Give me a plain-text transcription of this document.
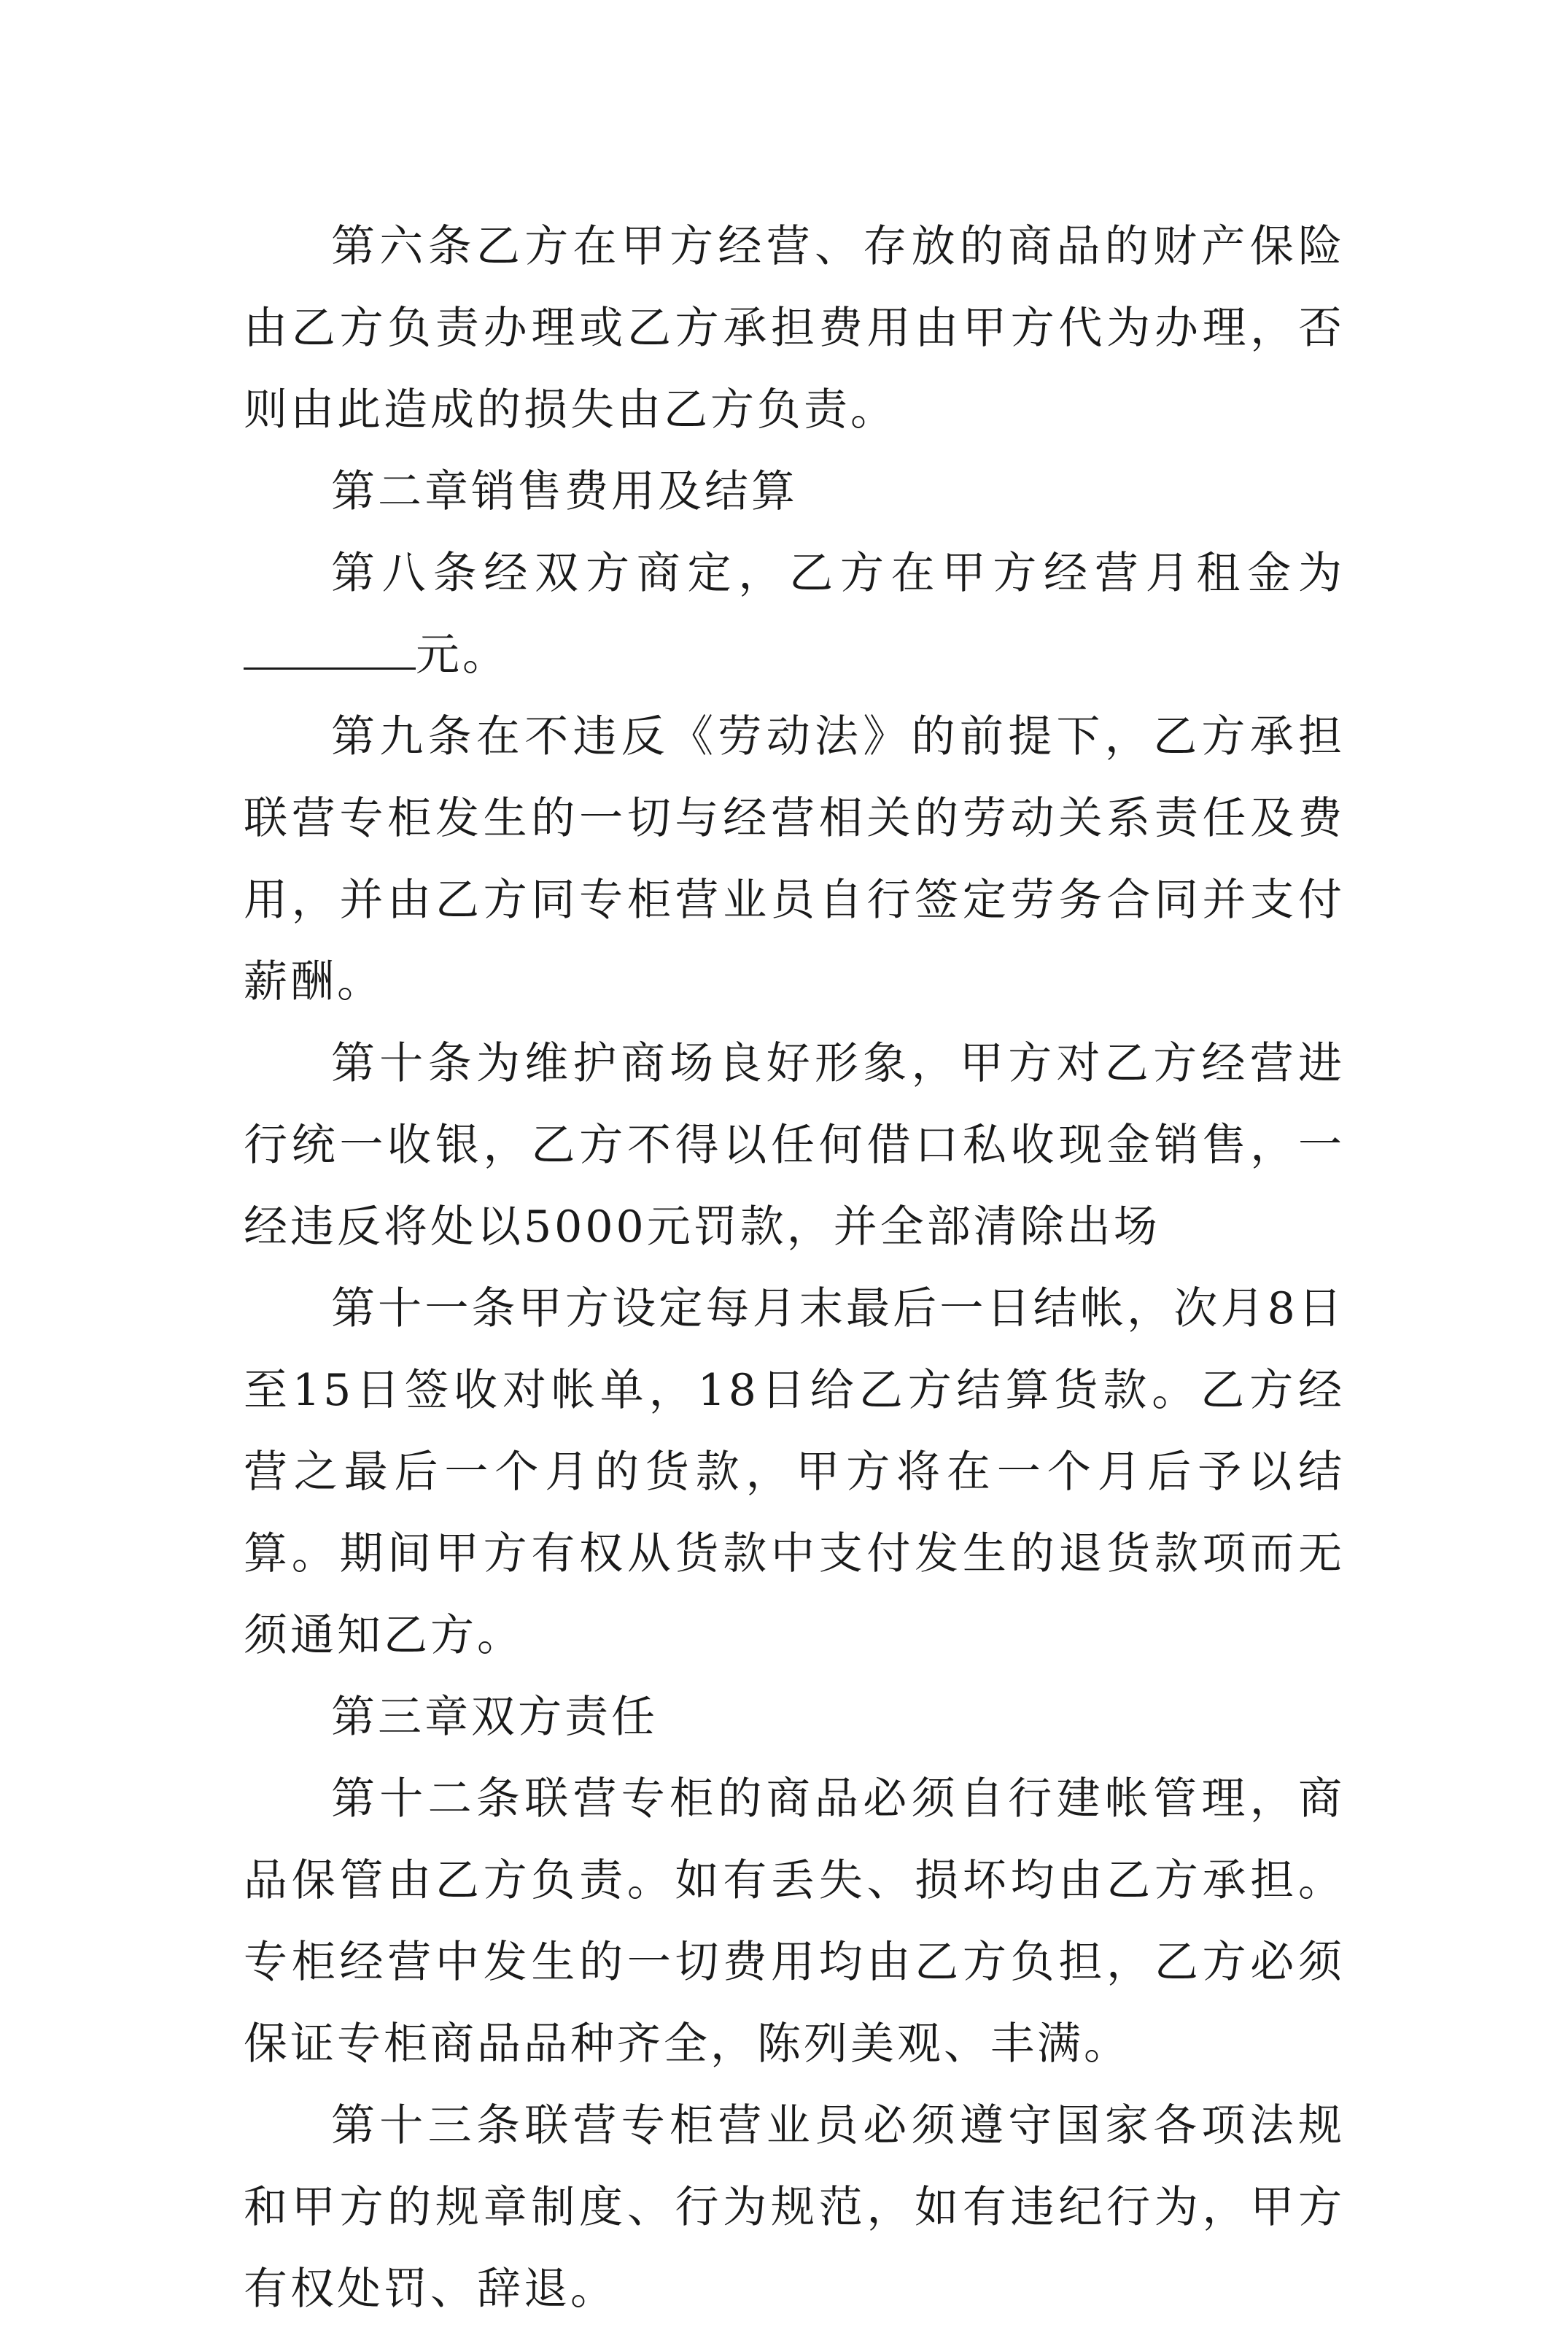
第六条乙方在甲方经营、存放的商品的财产保险由乙方负责办理或乙方承担费用由甲方代为办理，否则由此造成的损失由乙方负责。

第二章销售费用及结算

第八条经双方商定，乙方在甲方经营月租金为元。

第九条在不违反《劳动法》的前提下，乙方承担联营专柜发生的一切与经营相关的劳动关系责任及费用，并由乙方同专柜营业员自行签定劳务合同并支付薪酬。

第十条为维护商场良好形象，甲方对乙方经营进行统一收银，乙方不得以任何借口私收现金销售，一经违反将处以5000元罚款，并全部清除出场

第十一条甲方设定每月末最后一日结帐，次月8日至15日签收对帐单，18日给乙方结算货款。乙方经营之最后一个月的货款，甲方将在一个月后予以结算。期间甲方有权从货款中支付发生的退货款项而无须通知乙方。

第三章双方责任

第十二条联营专柜的商品必须自行建帐管理，商品保管由乙方负责。如有丢失、损坏均由乙方承担。专柜经营中发生的一切费用均由乙方负担，乙方必须保证专柜商品品种齐全，陈列美观、丰满。

第十三条联营专柜营业员必须遵守国家各项法规和甲方的规章制度、行为规范，如有违纪行为，甲方有权处罚、辞退。
